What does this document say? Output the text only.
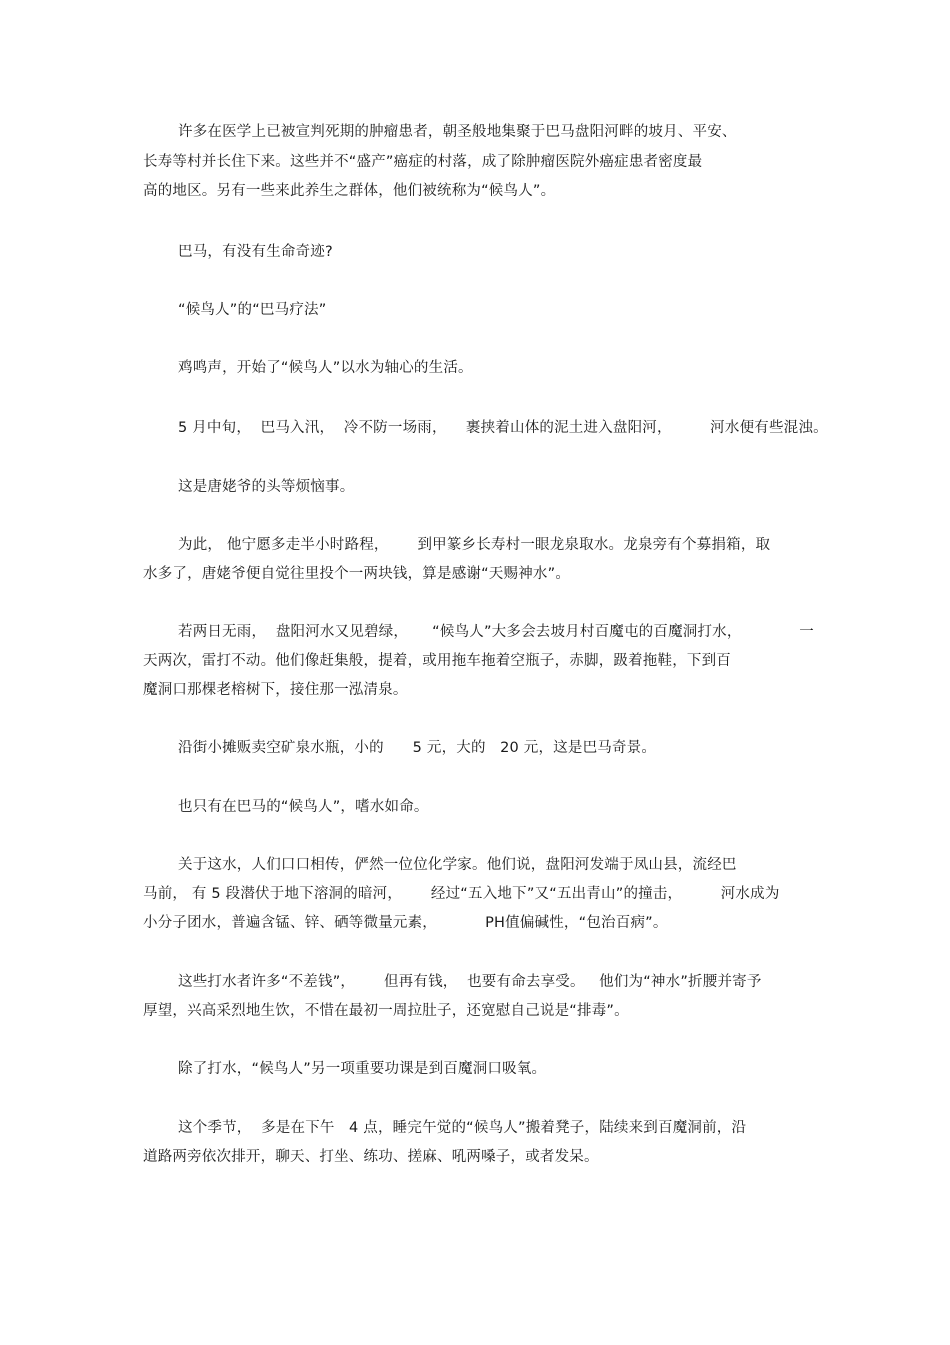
许多在医学上已被宣判死期的肿瘤患者，朝圣般地集聚于巴马盘阳河畔的坡月、平安、
长寿等村并长住下来。这些并不“盛产”癌症的村落，成了除肿瘤医院外癌症患者密度最
高的地区。另有一些来此养生之群体，他们被统称为“候鸟人”。
巴马，有没有生命奇迹?
“候鸟人”的“巴马疗法”
鸡鸣声，开始了“候鸟人”以水为轴心的生活。
5 月中旬，  巴马入汛，  冷不防一场雨，    裹挟着山体的泥土进入盘阳河，        河水便有些混浊。
这是唐姥爷的头等烦恼事。
为此， 他宁愿多走半小时路程，      到甲篆乡长寿村一眼龙泉取水。龙泉旁有个募捐箱，取
水多了，唐姥爷便自觉往里投个一两块钱，算是感谢“天赐神水”。
若两日无雨，  盘阳河水又见碧绿，     “候鸟人”大多会去坡月村百魔屯的百魔洞打水，            一
天两次，雷打不动。他们像赶集般，提着，或用拖车拖着空瓶子，赤脚，趿着拖鞋，下到百
魔洞口那棵老榕树下，接住那一泓清泉。
沿街小摊贩卖空矿泉水瓶，小的      5 元，大的   20 元，这是巴马奇景。
也只有在巴马的“候鸟人”，嗜水如命。
关于这水，人们口口相传，俨然一位位化学家。他们说，盘阳河发端于凤山县，流经巴
马前， 有 5 段潜伏于地下溶洞的暗河，      经过“五入地下”又“五出青山”的撞击，        河水成为
小分子团水，普遍含锰、锌、硒等微量元素，          PH值偏碱性，“包治百病”。
这些打水者许多“不差钱”，      但再有钱，  也要有命去享受。   他们为“神水”折腰并寄予
厚望，兴高采烈地生饮，不惜在最初一周拉肚子，还宽慰自己说是“排毒”。
除了打水，“候鸟人”另一项重要功课是到百魔洞口吸氧。
这个季节，  多是在下午   4 点，睡完午觉的“候鸟人”搬着凳子，陆续来到百魔洞前，沿
道路两旁依次排开，聊天、打坐、练功、搓麻、吼两嗓子，或者发呆。
